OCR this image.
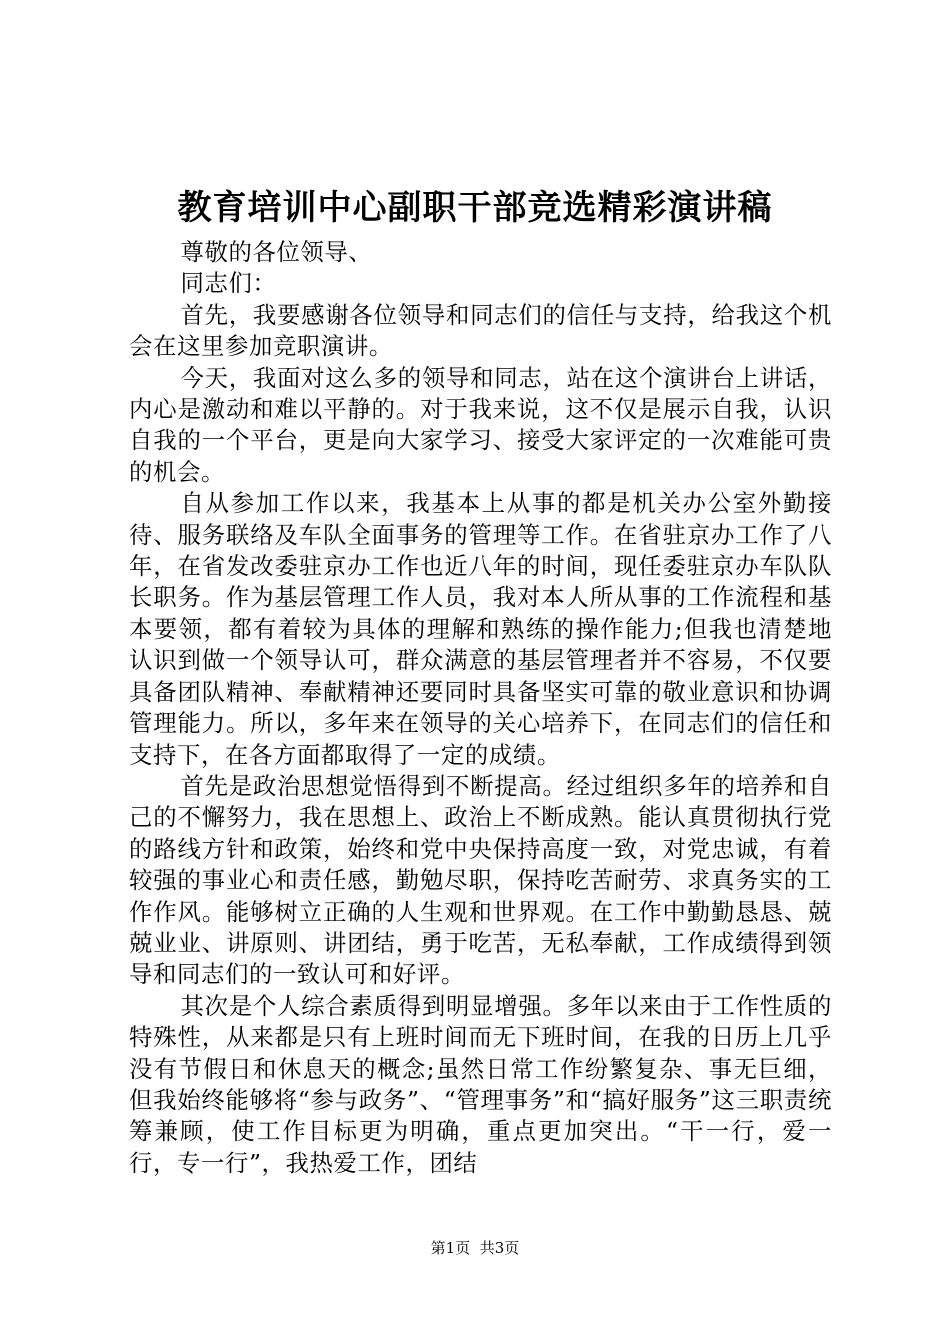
教育培训中心副职干部竞选精彩演讲稿

尊敬的各位领导、

同志们：

首先，我要感谢各位领导和同志们的信任与支持，给我这个机会在这里参加竞职演讲。

今天，我面对这么多的领导和同志，站在这个演讲台上讲话，内心是激动和难以平静的。对于我来说，这不仅是展示自我，认识自我的一个平台，更是向大家学习、接受大家评定的一次难能可贵的机会。

自从参加工作以来，我基本上从事的都是机关办公室外勤接待、服务联络及车队全面事务的管理等工作。在省驻京办工作了八年，在省发改委驻京办工作也近八年的时间，现任委驻京办车队队长职务。作为基层管理工作人员，我对本人所从事的工作流程和基本要领，都有着较为具体的理解和熟练的操作能力;但我也清楚地认识到做一个领导认可，群众满意的基层管理者并不容易，不仅要具备团队精神、奉献精神还要同时具备坚实可靠的敬业意识和协调管理能力。所以，多年来在领导的关心培养下，在同志们的信任和支持下，在各方面都取得了一定的成绩。

首先是政治思想觉悟得到不断提高。经过组织多年的培养和自己的不懈努力，我在思想上、政治上不断成熟。能认真贯彻执行党的路线方针和政策，始终和党中央保持高度一致，对党忠诚，有着较强的事业心和责任感，勤勉尽职，保持吃苦耐劳、求真务实的工作作风。能够树立正确的人生观和世界观。在工作中勤勤恳恳、兢兢业业、讲原则、讲团结，勇于吃苦，无私奉献，工作成绩得到领导和同志们的一致认可和好评。

其次是个人综合素质得到明显增强。多年以来由于工作性质的特殊性，从来都是只有上班时间而无下班时间，在我的日历上几乎没有节假日和休息天的概念;虽然日常工作纷繁复杂、事无巨细，但我始终能够将“参与政务”、“管理事务”和“搞好服务”这三职责统筹兼顾，使工作目标更为明确，重点更加突出。“干一行，爱一行，专一行”，我热爱工作，团结

第1页 共3页
